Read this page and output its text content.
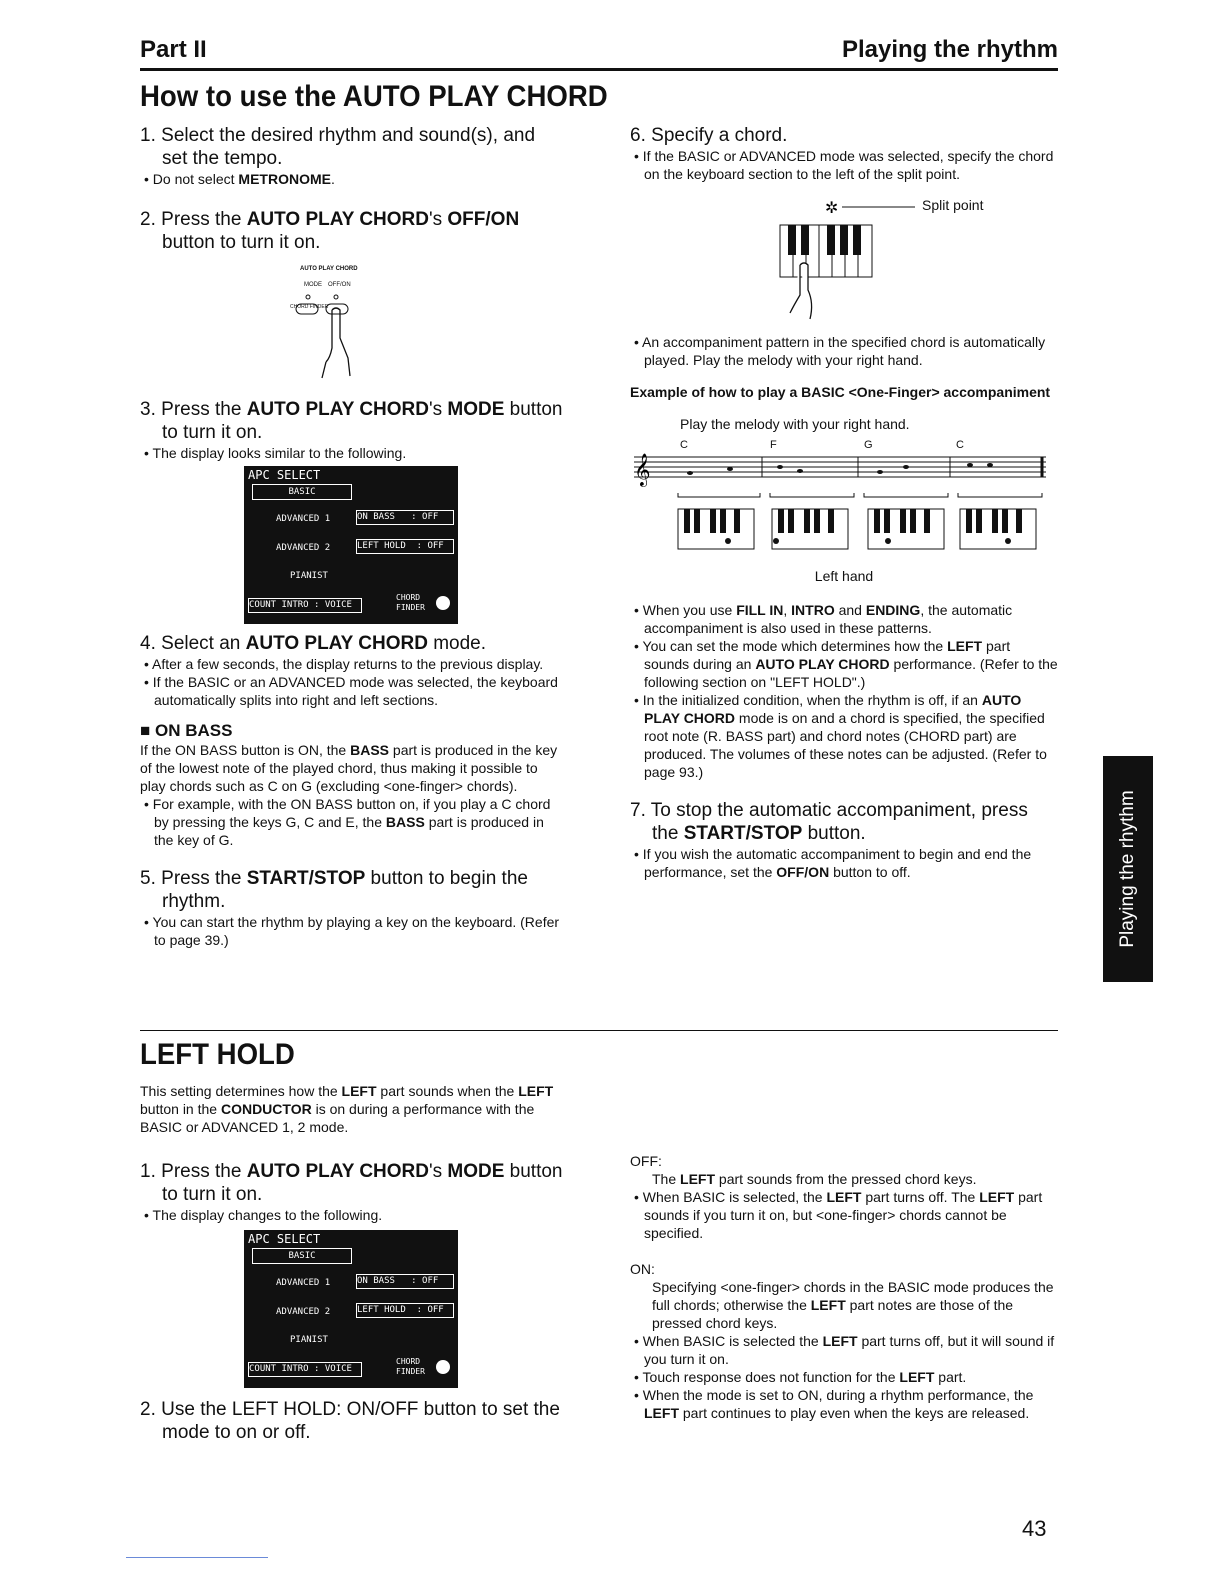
Part II	Playing the rhythm
How to use the AUTO PLAY CHORD
1. Select the desired rhythm and sound(s), and set the tempo.
• Do not select METRONOME.
2. Press the AUTO PLAY CHORD's OFF/ON button to turn it on.
AUTO PLAY CHORD
MODE OFF/ON
CHORD FINDER
3. Press the AUTO PLAY CHORD's MODE button to turn it on.
• The display looks similar to the following.
APC SELECT
BASIC
ADVANCED 1
ADVANCED 2
PIANIST
ON BASS   : OFF
LEFT HOLD  : OFF
COUNT INTRO : VOICE
CHORD FINDER
4. Select an AUTO PLAY CHORD mode.
• After a few seconds, the display returns to the previous display.
• If the BASIC or an ADVANCED mode was selected, the keyboard automatically splits into right and left sections.
■ ON BASS
If the ON BASS button is ON, the BASS part is produced in the key of the lowest note of the played chord, thus making it possible to play chords such as C on G (excluding <one-finger> chords).
• For example, with the ON BASS button on, if you play a C chord by pressing the keys G, C and E, the BASS part is produced in the key of G.
5. Press the START/STOP button to begin the rhythm.
• You can start the rhythm by playing a key on the keyboard. (Refer to page 39.)
6. Specify a chord.
• If the BASIC or ADVANCED mode was selected, specify the chord on the keyboard section to the left of the split point.
Split point
✲
• An accompaniment pattern in the specified chord is automatically played. Play the melody with your right hand.
Example of how to play a BASIC <One-Finger> accompaniment
Play the melody with your right hand.
C	F	G	C
𝄞
Left hand
• When you use FILL IN, INTRO and ENDING, the automatic accompaniment is also used in these patterns.
• You can set the mode which determines how the LEFT part sounds during an AUTO PLAY CHORD performance. (Refer to the following section on "LEFT HOLD".)
• In the initialized condition, when the rhythm is off, if an AUTO PLAY CHORD mode is on and a chord is specified, the specified root note (R. BASS part) and chord notes (CHORD part) are produced. The volumes of these notes can be adjusted. (Refer to page 93.)
7. To stop the automatic accompaniment, press the START/STOP button.
• If you wish the automatic accompaniment to begin and end the performance, set the OFF/ON button to off.	Playing the rhythm
LEFT HOLD
This setting determines how the LEFT part sounds when the LEFT button in the CONDUCTOR is on during a performance with the BASIC or ADVANCED 1, 2 mode.
1. Press the AUTO PLAY CHORD's MODE button to turn it on.
• The display changes to the following.
APC SELECT
BASIC
ADVANCED 1
ADVANCED 2
PIANIST
ON BASS   : OFF
LEFT HOLD  : OFF
COUNT INTRO : VOICE
CHORD FINDER
2. Use the LEFT HOLD: ON/OFF button to set the mode to on or off.
OFF:
The LEFT part sounds from the pressed chord keys.
• When BASIC is selected, the LEFT part turns off. The LEFT part sounds if you turn it on, but <one-finger> chords cannot be specified.
ON:
Specifying <one-finger> chords in the BASIC mode produces the full chords; otherwise the LEFT part notes are those of the pressed chord keys.
• When BASIC is selected the LEFT part turns off, but it will sound if you turn it on.
• Touch response does not function for the LEFT part.
• When the mode is set to ON, during a rhythm performance, the LEFT part continues to play even when the keys are released.
43
